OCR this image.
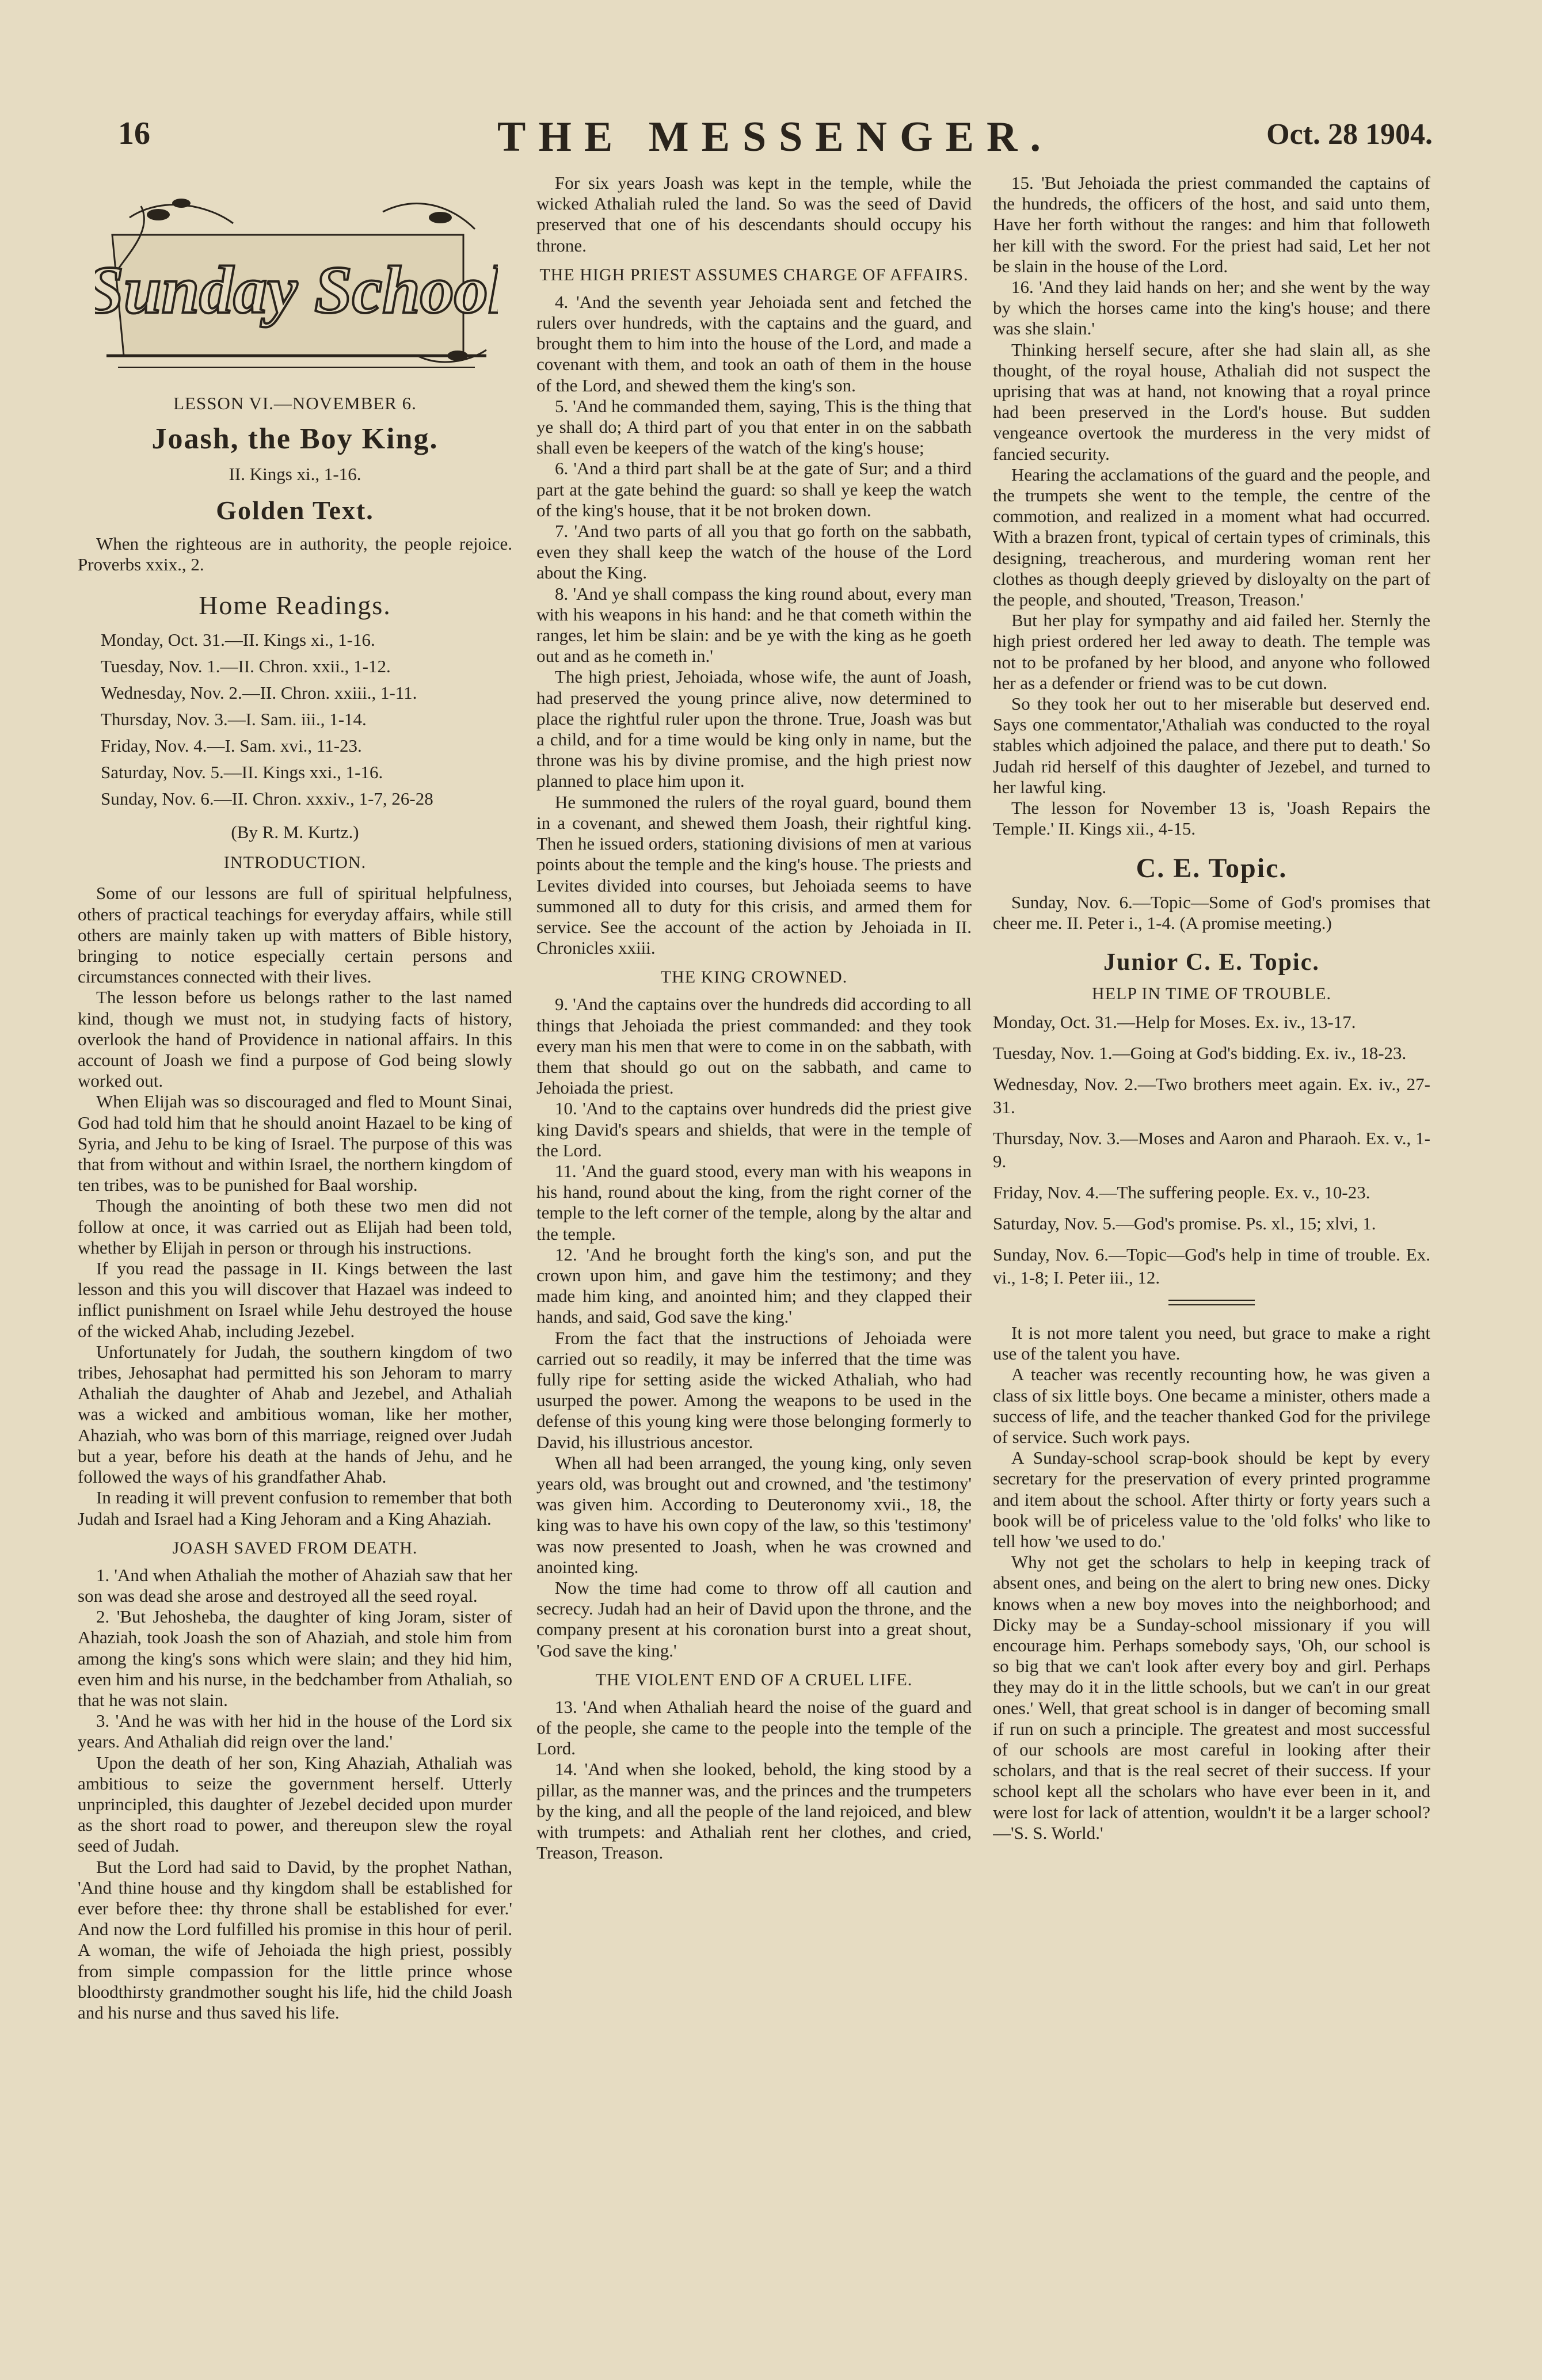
16	THE MESSENGER.	Oct. 28 1904.
Sunday School
LESSON VI.—NOVEMBER 6.
Joash, the Boy King.
II. Kings xi., 1-16.
Golden Text.

When the righteous are in authority, the people rejoice. Proverbs xxix., 2.

Home Readings.

Monday, Oct. 31.—II. Kings xi., 1-16.

Tuesday, Nov. 1.—II. Chron. xxii., 1-12.

Wednesday, Nov. 2.—II. Chron. xxiii., 1-11.

Thursday, Nov. 3.—I. Sam. iii., 1-14.

Friday, Nov. 4.—I. Sam. xvi., 11-23.

Saturday, Nov. 5.—II. Kings xxi., 1-16.

Sunday, Nov. 6.—II. Chron. xxxiv., 1-7, 26-28

(By R. M. Kurtz.)
INTRODUCTION.

Some of our lessons are full of spiritual helpfulness, others of practical teachings for everyday affairs, while still others are mainly taken up with matters of Bible history, bringing to notice especially certain persons and circumstances connected with their lives.

The lesson before us belongs rather to the last named kind, though we must not, in studying facts of history, overlook the hand of Providence in national affairs. In this account of Joash we find a purpose of God being slowly worked out.

When Elijah was so discouraged and fled to Mount Sinai, God had told him that he should anoint Hazael to be king of Syria, and Jehu to be king of Israel. The purpose of this was that from without and within Israel, the northern kingdom of ten tribes, was to be punished for Baal worship.

Though the anointing of both these two men did not follow at once, it was carried out as Elijah had been told, whether by Elijah in person or through his instructions.

If you read the passage in II. Kings between the last lesson and this you will discover that Hazael was indeed to inflict punishment on Israel while Jehu destroyed the house of the wicked Ahab, including Jezebel.

Unfortunately for Judah, the southern kingdom of two tribes, Jehosaphat had permitted his son Jehoram to marry Athaliah the daughter of Ahab and Jezebel, and Athaliah was a wicked and ambitious woman, like her mother, Ahaziah, who was born of this marriage, reigned over Judah but a year, before his death at the hands of Jehu, and he followed the ways of his grandfather Ahab.

In reading it will prevent confusion to remember that both Judah and Israel had a King Jehoram and a King Ahaziah.

JOASH SAVED FROM DEATH.

1. 'And when Athaliah the mother of Ahaziah saw that her son was dead she arose and destroyed all the seed royal.

2. 'But Jehosheba, the daughter of king Joram, sister of Ahaziah, took Joash the son of Ahaziah, and stole him from among the king's sons which were slain; and they hid him, even him and his nurse, in the bedchamber from Athaliah, so that he was not slain.

3. 'And he was with her hid in the house of the Lord six years. And Athaliah did reign over the land.'

Upon the death of her son, King Ahaziah, Athaliah was ambitious to seize the government herself. Utterly unprincipled, this daughter of Jezebel decided upon murder as the short road to power, and thereupon slew the royal seed of Judah.

But the Lord had said to David, by the prophet Nathan, 'And thine house and thy kingdom shall be established for ever before thee: thy throne shall be established for ever.' And now the Lord fulfilled his promise in this hour of peril. A woman, the wife of Jehoiada the high priest, possibly from simple compassion for the little prince whose bloodthirsty grandmother sought his life, hid the child Joash and his nurse and thus saved his life.

For six years Joash was kept in the temple, while the wicked Athaliah ruled the land. So was the seed of David preserved that one of his descendants should occupy his throne.

THE HIGH PRIEST ASSUMES CHARGE OF AFFAIRS.

4. 'And the seventh year Jehoiada sent and fetched the rulers over hundreds, with the captains and the guard, and brought them to him into the house of the Lord, and made a covenant with them, and took an oath of them in the house of the Lord, and shewed them the king's son.

5. 'And he commanded them, saying, This is the thing that ye shall do; A third part of you that enter in on the sabbath shall even be keepers of the watch of the king's house;

6. 'And a third part shall be at the gate of Sur; and a third part at the gate behind the guard: so shall ye keep the watch of the king's house, that it be not broken down.

7. 'And two parts of all you that go forth on the sabbath, even they shall keep the watch of the house of the Lord about the King.

8. 'And ye shall compass the king round about, every man with his weapons in his hand: and he that cometh within the ranges, let him be slain: and be ye with the king as he goeth out and as he cometh in.'

The high priest, Jehoiada, whose wife, the aunt of Joash, had preserved the young prince alive, now determined to place the rightful ruler upon the throne. True, Joash was but a child, and for a time would be king only in name, but the throne was his by divine promise, and the high priest now planned to place him upon it.

He summoned the rulers of the royal guard, bound them in a covenant, and shewed them Joash, their rightful king. Then he issued orders, stationing divisions of men at various points about the temple and the king's house. The priests and Levites divided into courses, but Jehoiada seems to have summoned all to duty for this crisis, and armed them for service. See the account of the action by Jehoiada in II. Chronicles xxiii.

THE KING CROWNED.

9. 'And the captains over the hundreds did according to all things that Jehoiada the priest commanded: and they took every man his men that were to come in on the sabbath, with them that should go out on the sabbath, and came to Jehoiada the priest.

10. 'And to the captains over hundreds did the priest give king David's spears and shields, that were in the temple of the Lord.

11. 'And the guard stood, every man with his weapons in his hand, round about the king, from the right corner of the temple to the left corner of the temple, along by the altar and the temple.

12. 'And he brought forth the king's son, and put the crown upon him, and gave him the testimony; and they made him king, and anointed him; and they clapped their hands, and said, God save the king.'

From the fact that the instructions of Jehoiada were carried out so readily, it may be inferred that the time was fully ripe for setting aside the wicked Athaliah, who had usurped the power. Among the weapons to be used in the defense of this young king were those belonging formerly to David, his illustrious ancestor.

When all had been arranged, the young king, only seven years old, was brought out and crowned, and 'the testimony' was given him. According to Deuteronomy xvii., 18, the king was to have his own copy of the law, so this 'testimony' was now presented to Joash, when he was crowned and anointed king.

Now the time had come to throw off all caution and secrecy. Judah had an heir of David upon the throne, and the company present at his coronation burst into a great shout, 'God save the king.'

THE VIOLENT END OF A CRUEL LIFE.

13. 'And when Athaliah heard the noise of the guard and of the people, she came to the people into the temple of the Lord.

14. 'And when she looked, behold, the king stood by a pillar, as the manner was, and the princes and the trumpeters by the king, and all the people of the land rejoiced, and blew with trumpets: and Athaliah rent her clothes, and cried, Treason, Treason.

15. 'But Jehoiada the priest commanded the captains of the hundreds, the officers of the host, and said unto them, Have her forth without the ranges: and him that followeth her kill with the sword. For the priest had said, Let her not be slain in the house of the Lord.

16. 'And they laid hands on her; and she went by the way by which the horses came into the king's house; and there was she slain.'

Thinking herself secure, after she had slain all, as she thought, of the royal house, Athaliah did not suspect the uprising that was at hand, not knowing that a royal prince had been preserved in the Lord's house. But sudden vengeance overtook the murderess in the very midst of fancied security.

Hearing the acclamations of the guard and the people, and the trumpets she went to the temple, the centre of the commotion, and realized in a moment what had occurred. With a brazen front, typical of certain types of criminals, this designing, treacherous, and murdering woman rent her clothes as though deeply grieved by disloyalty on the part of the people, and shouted, 'Treason, Treason.'

But her play for sympathy and aid failed her. Sternly the high priest ordered her led away to death. The temple was not to be profaned by her blood, and anyone who followed her as a defender or friend was to be cut down.

So they took her out to her miserable but deserved end. Says one commentator,'Athaliah was conducted to the royal stables which adjoined the palace, and there put to death.' So Judah rid herself of this daughter of Jezebel, and turned to her lawful king.

The lesson for November 13 is, 'Joash Repairs the Temple.' II. Kings xii., 4-15.

C. E. Topic.

Sunday, Nov. 6.—Topic—Some of God's promises that cheer me. II. Peter i., 1-4. (A promise meeting.)

Junior C. E. Topic.
HELP IN TIME OF TROUBLE.

Monday, Oct. 31.—Help for Moses. Ex. iv., 13-17.

Tuesday, Nov. 1.—Going at God's bidding. Ex. iv., 18-23.

Wednesday, Nov. 2.—Two brothers meet again. Ex. iv., 27-31.

Thursday, Nov. 3.—Moses and Aaron and Pharaoh. Ex. v., 1-9.

Friday, Nov. 4.—The suffering people. Ex. v., 10-23.

Saturday, Nov. 5.—God's promise. Ps. xl., 15; xlvi, 1.

Sunday, Nov. 6.—Topic—God's help in time of trouble. Ex. vi., 1-8; I. Peter iii., 12.

It is not more talent you need, but grace to make a right use of the talent you have.

A teacher was recently recounting how, he was given a class of six little boys. One became a minister, others made a success of life, and the teacher thanked God for the privilege of service. Such work pays.

A Sunday-school scrap-book should be kept by every secretary for the preservation of every printed programme and item about the school. After thirty or forty years such a book will be of priceless value to the 'old folks' who like to tell how 'we used to do.'

Why not get the scholars to help in keeping track of absent ones, and being on the alert to bring new ones. Dicky knows when a new boy moves into the neighborhood; and Dicky may be a Sunday-school missionary if you will encourage him. Perhaps somebody says, 'Oh, our school is so big that we can't look after every boy and girl. Perhaps they may do it in the little schools, but we can't in our great ones.' Well, that great school is in danger of becoming small if run on such a principle. The greatest and most successful of our schools are most careful in looking after their scholars, and that is the real secret of their success. If your school kept all the scholars who have ever been in it, and were lost for lack of attention, wouldn't it be a larger school?—'S. S. World.'
